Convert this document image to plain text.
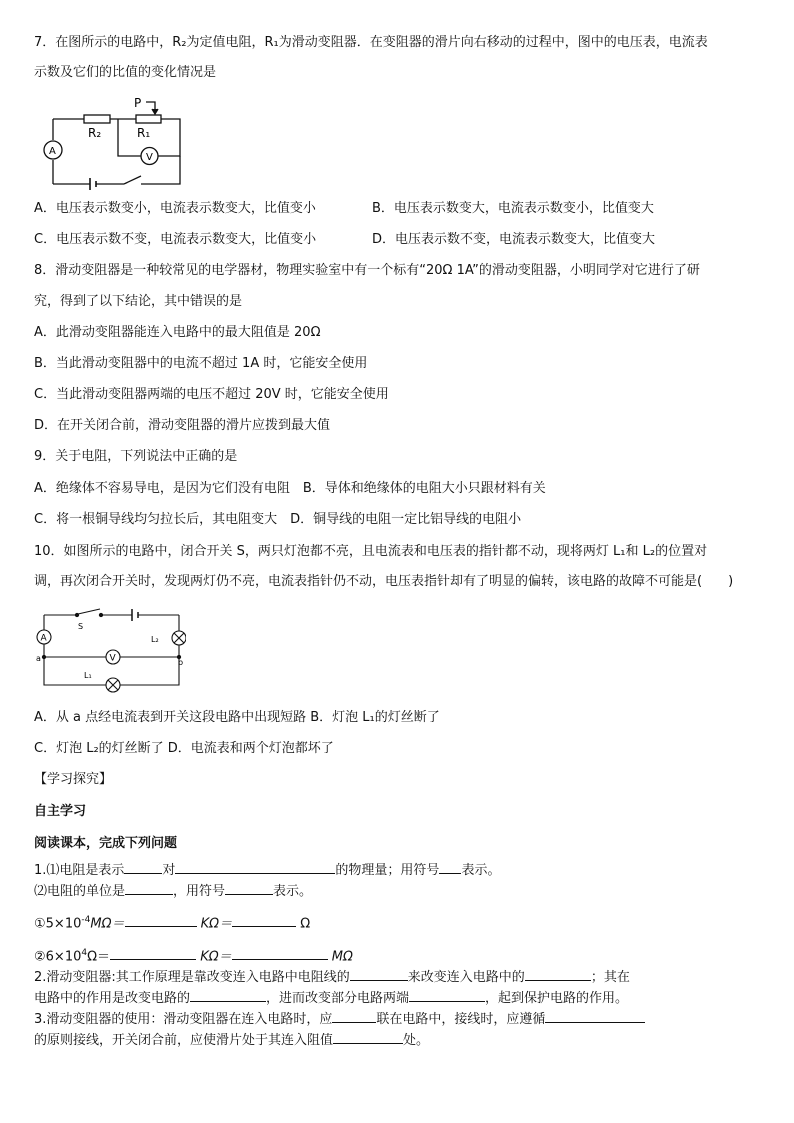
7．在图所示的电路中，R₂为定值电阻，R₁为滑动变阻器．在变阻器的滑片向右移动的过程中，图中的电压表，电流表
示数及它们的比值的变化情况是
A
V
R₂	R₁
P
A．电压表示数变小，电流表示数变大，比值变小	B．电压表示数变大，电流表示数变小，比值变大
C．电压表示数不变，电流表示数变大，比值变小	D．电压表示数不变，电流表示数变大，比值变大
8．滑动变阻器是一种较常见的电学器材，物理实验室中有一个标有“20Ω 1A”的滑动变阻器，小明同学对它进行了研
究，得到了以下结论，其中错误的是
A．此滑动变阻器能连入电路中的最大阻值是 20Ω
B．当此滑动变阻器中的电流不超过 1A 时，它能安全使用
C．当此滑动变阻器两端的电压不超过 20V 时，它能安全使用
D．在开关闭合前，滑动变阻器的滑片应拨到最大值
9．关于电阻，下列说法中正确的是
A．绝缘体不容易导电，是因为它们没有电阻　B．导体和绝缘体的电阻大小只跟材料有关
C．将一根铜导线均匀拉长后，其电阻变大　D．铜导线的电阻一定比铝导线的电阻小
10．如图所示的电路中，闭合开关 S，两只灯泡都不亮，且电流表和电压表的指针都不动，现将两灯 L₁和 L₂的位置对
调，再次闭合开关时，发现两灯仍不亮，电流表指针仍不动，电压表指针却有了明显的偏转，该电路的故障不可能是(　　)
A
V
S
L₂
L₁
a	b
A．从 a 点经电流表到开关这段电路中出现短路 B．灯泡 L₁的灯丝断了
C．灯泡 L₂的灯丝断了 D．电流表和两个灯泡都坏了
【学习探究】
自主学习
阅读课本，完成下列问题
1.⑴电阻是表示	对	的物理量；用符号 表示。
⑵电阻的单位是	，用符号	表示。
$①5\times 10^{-4}M\Omega=$	KΩ＝	Ω
$②6\times 10^4\Omega=$	KΩ＝	MΩ
2.滑动变阻器:其工作原理是靠改变连入电路中电阻线的	来改变连入电路中的	；其在
电路中的作用是改变电路的	，进而改变部分电路两端	，起到保护电路的作用。
3.滑动变阻器的使用：滑动变阻器在连入电路时，应	联在电路中，接线时，应遵循
的原则接线，开关闭合前，应使滑片处于其连入阻值	处。
